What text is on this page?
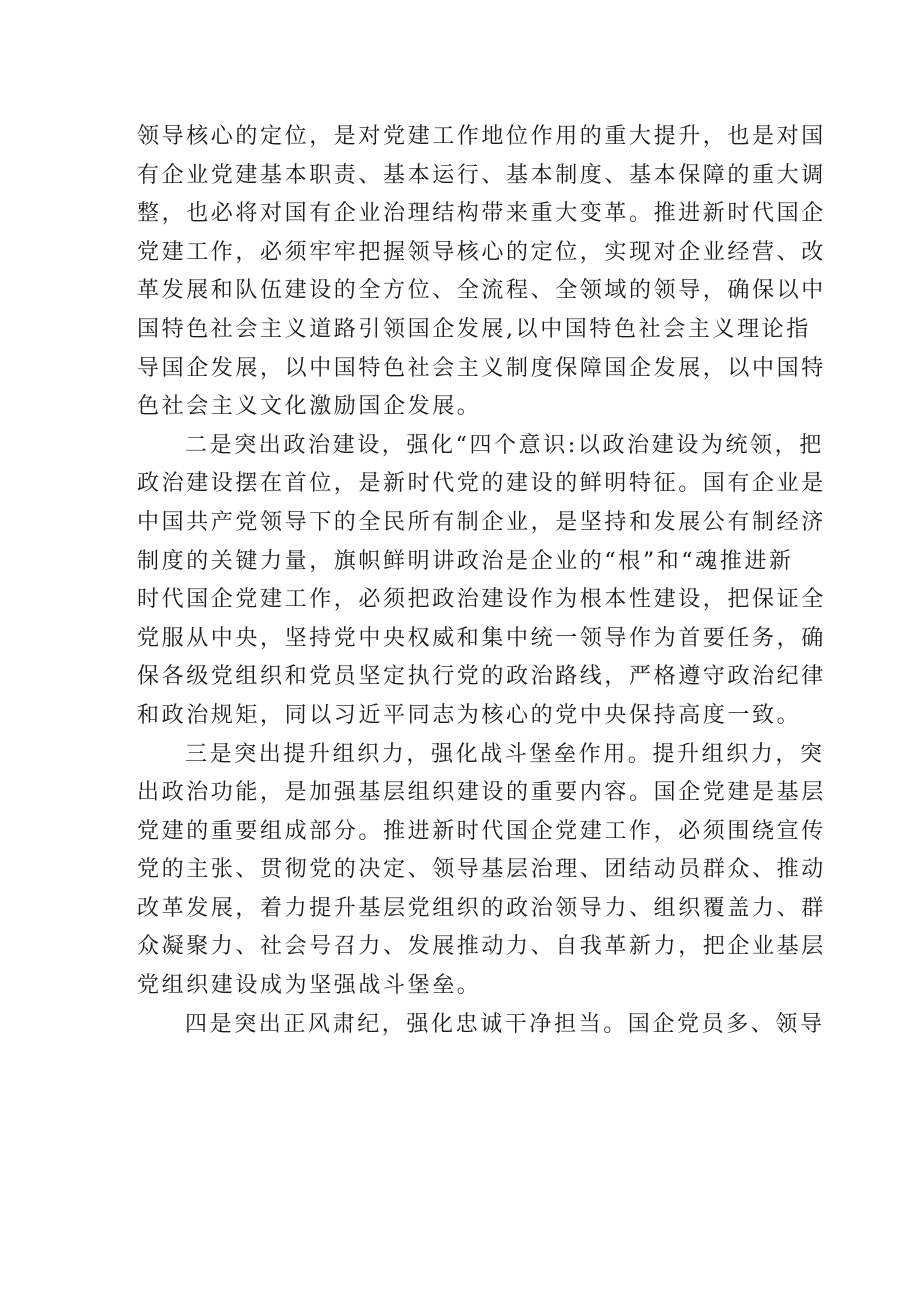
领导核心的定位，是对党建工作地位作用的重大提升，也是对国
有企业党建基本职责、基本运行、基本制度、基本保障的重大调
整，也必将对国有企业治理结构带来重大变革。推进新时代国企
党建工作，必须牢牢把握领导核心的定位，实现对企业经营、改
革发展和队伍建设的全方位、全流程、全领域的领导，确保以中
国特色社会主义道路引领国企发展,以中国特色社会主义理论指
导国企发展，以中国特色社会主义制度保障国企发展，以中国特
色社会主义文化激励国企发展。
二是突出政治建设，强化“四个意识:以政治建设为统领，把
政治建设摆在首位，是新时代党的建设的鲜明特征。国有企业是
中国共产党领导下的全民所有制企业，是坚持和发展公有制经济
制度的关键力量，旗帜鲜明讲政治是企业的“根”和“魂推进新
时代国企党建工作，必须把政治建设作为根本性建设，把保证全
党服从中央，坚持党中央权威和集中统一领导作为首要任务，确
保各级党组织和党员坚定执行党的政治路线，严格遵守政治纪律
和政治规矩，同以习近平同志为核心的党中央保持高度一致。
三是突出提升组织力，强化战斗堡垒作用。提升组织力，突
出政治功能，是加强基层组织建设的重要内容。国企党建是基层
党建的重要组成部分。推进新时代国企党建工作，必须围绕宣传
党的主张、贯彻党的决定、领导基层治理、团结动员群众、推动
改革发展，着力提升基层党组织的政治领导力、组织覆盖力、群
众凝聚力、社会号召力、发展推动力、自我革新力，把企业基层
党组织建设成为坚强战斗堡垒。
四是突出正风肃纪，强化忠诚干净担当。国企党员多、领导
